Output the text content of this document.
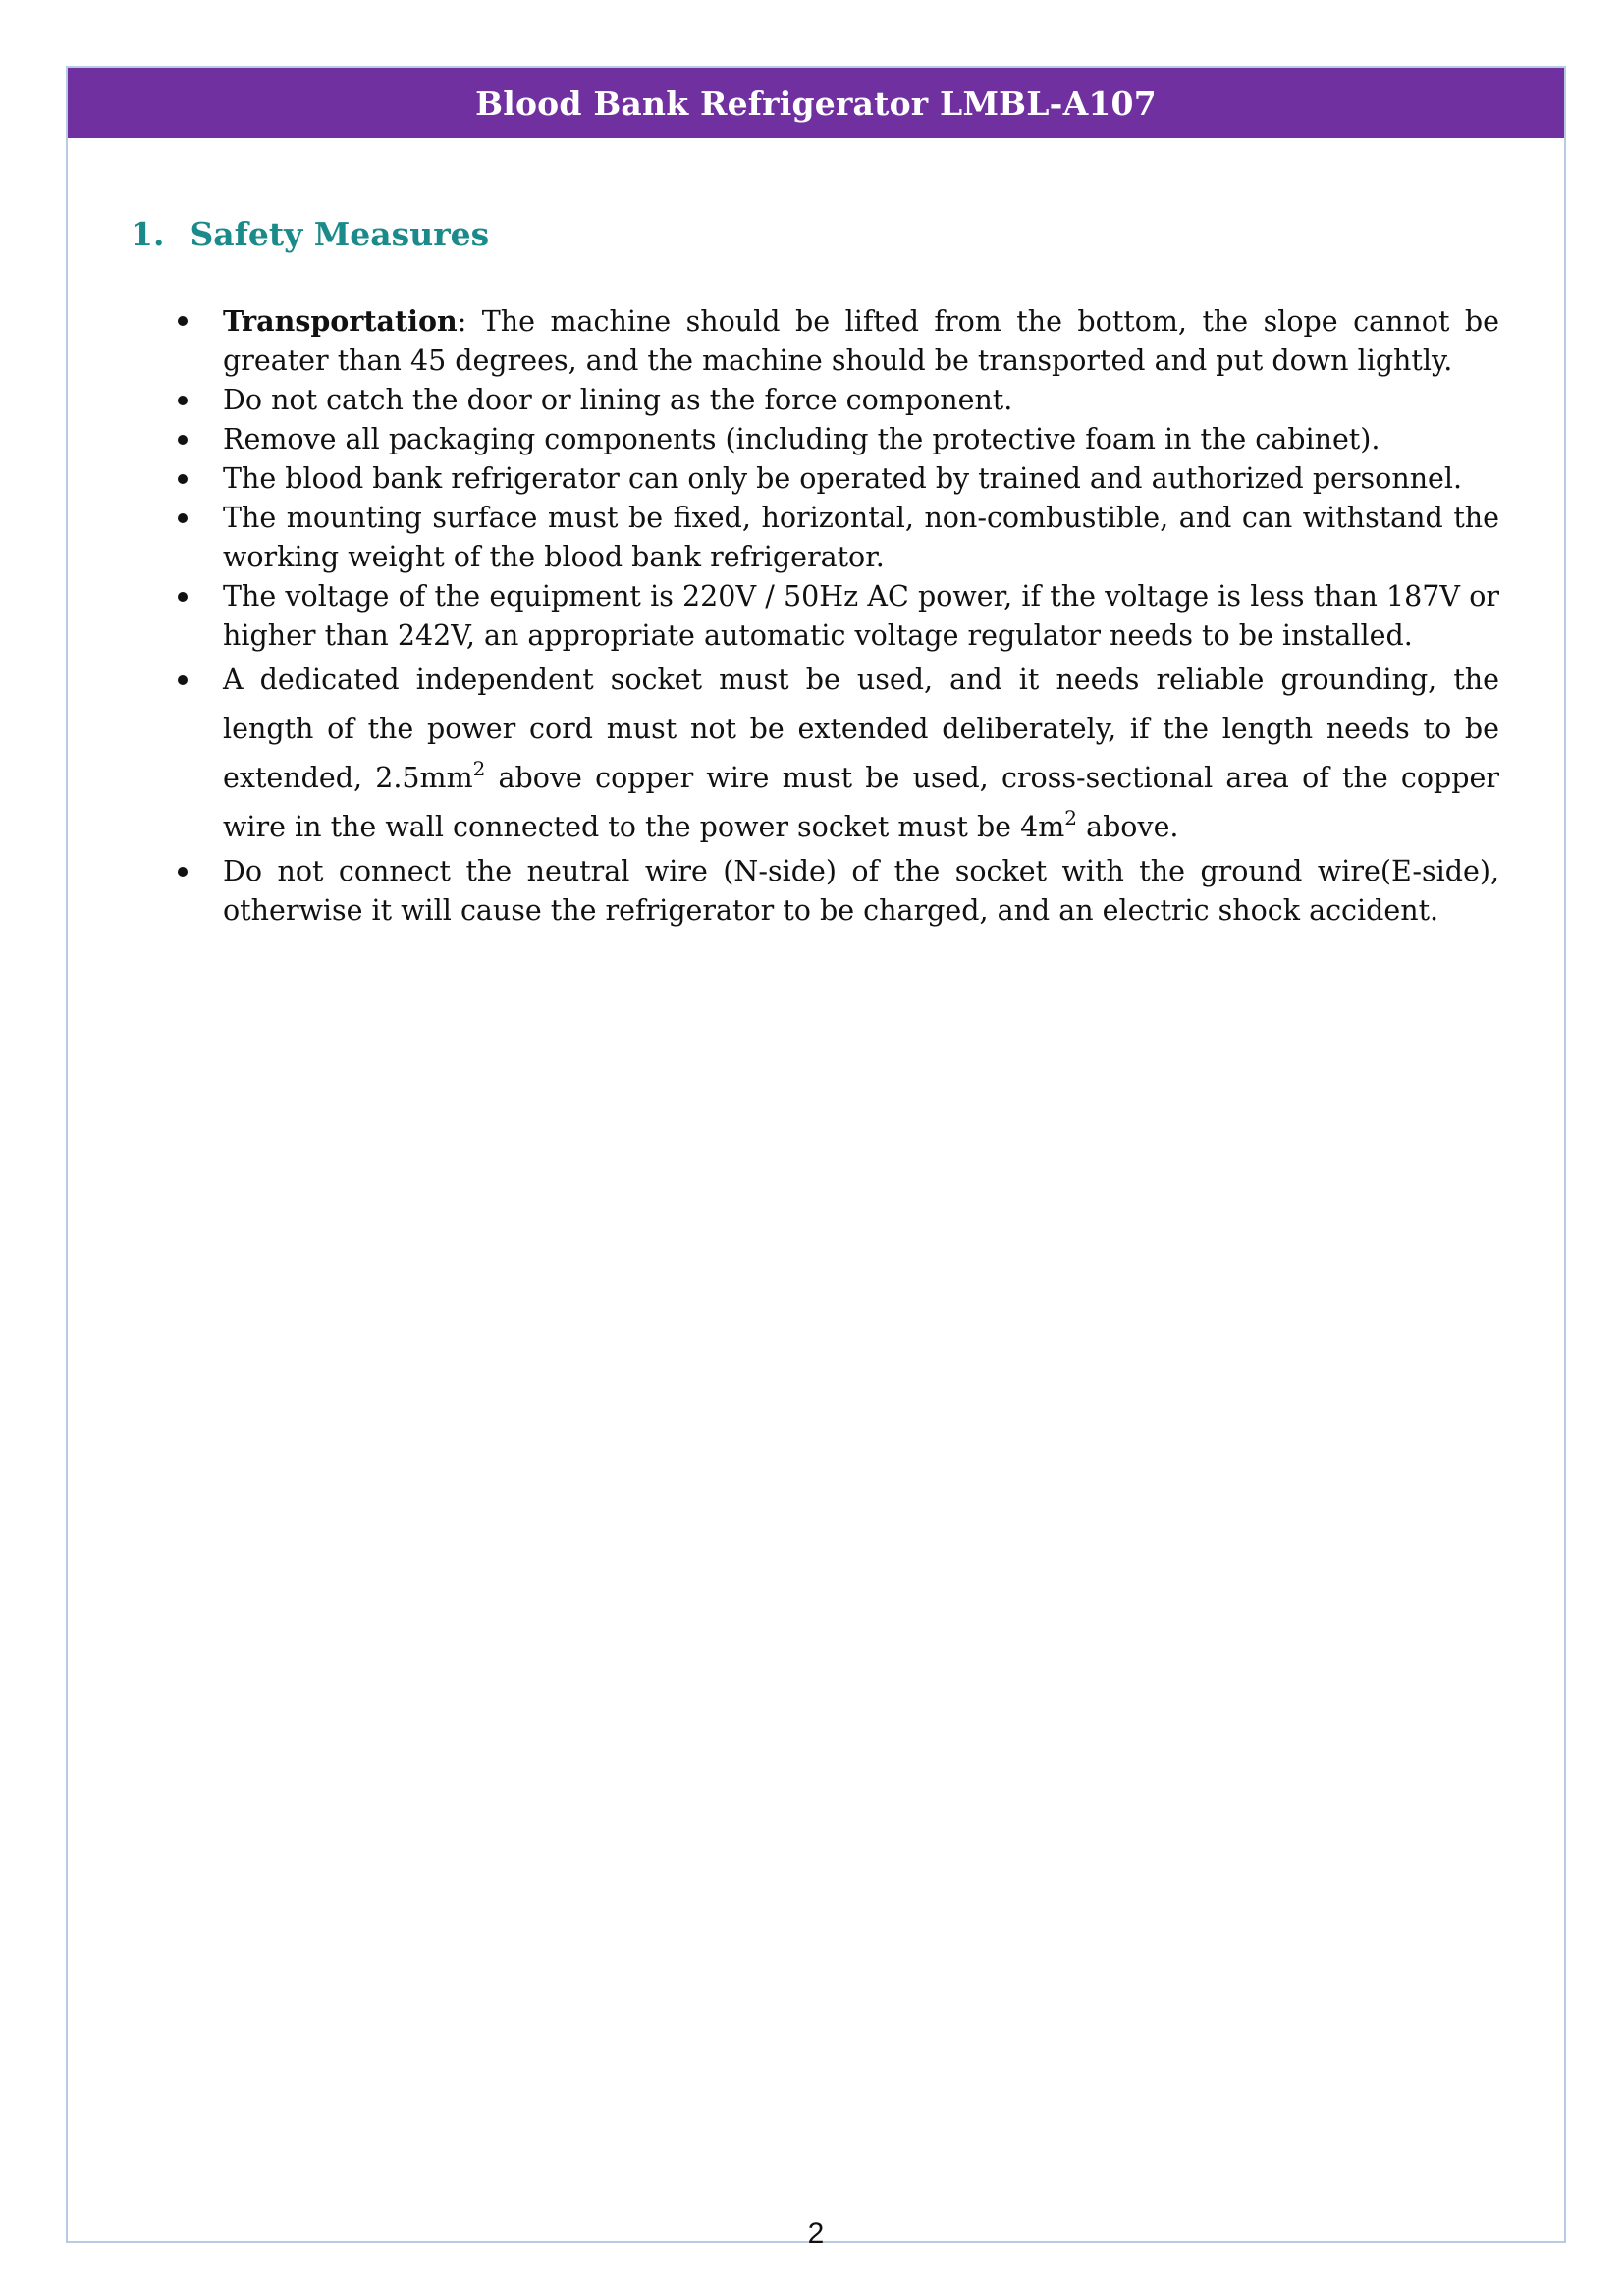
Blood Bank Refrigerator LMBL-A107
1. Safety Measures
Transportation: The machine should be lifted from the bottom, the slope cannot be greater than 45 degrees, and the machine should be transported and put down lightly.
Do not catch the door or lining as the force component.
Remove all packaging components (including the protective foam in the cabinet).
The blood bank refrigerator can only be operated by trained and authorized personnel.
The mounting surface must be fixed, horizontal, non-combustible, and can withstand the working weight of the blood bank refrigerator.
The voltage of the equipment is 220V / 50Hz AC power, if the voltage is less than 187V or higher than 242V, an appropriate automatic voltage regulator needs to be installed.
A dedicated independent socket must be used, and it needs reliable grounding, the length of the power cord must not be extended deliberately, if the length needs to be extended, $2.5mm^2$ above copper wire must be used, cross-sectional area of the copper wire in the wall connected to the power socket must be $4m^2$ above.
Do not connect the neutral wire (N-side) of the socket with the ground wire(E-side), otherwise it will cause the refrigerator to be charged, and an electric shock accident.
2
